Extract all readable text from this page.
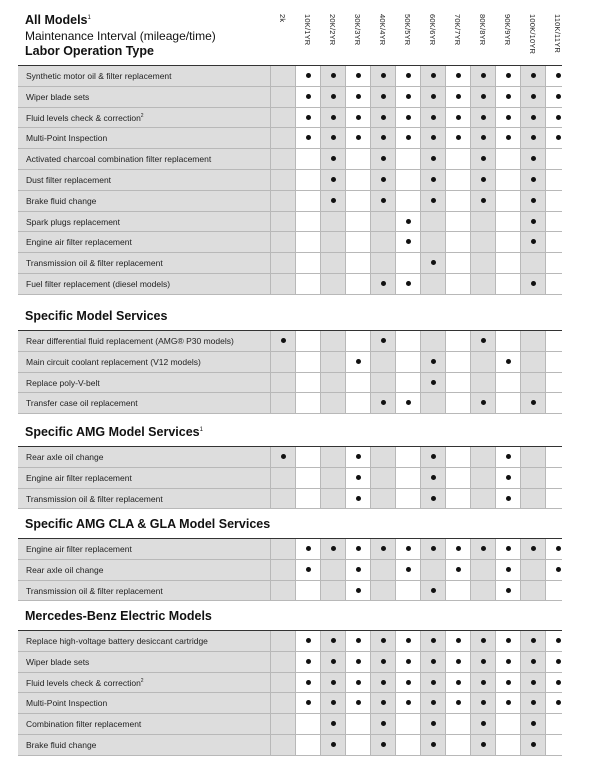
All Models$^1$
Maintenance Interval (mileage/time)
Labor Operation Type
2k 10K/1YR 20K/2YR 30K/3YR 40K/4YR 50K/5YR 60K/6YR 70K/7YR 80K/8YR 90K/9YR 100K/10YR 110K/11YR
Synthetic motor oil & filter replacement
Wiper blade sets
Fluid levels check & correction$^2$
Multi-Point Inspection
Activated charcoal combination filter replacement
Dust filter replacement
Brake fluid change
Spark plugs replacement
Engine air filter replacement
Transmission oil & filter replacement
Fuel filter replacement (diesel models)
Specific Model Services
Rear differential fluid replacement (AMG® P30 models)
Main circuit coolant replacement (V12 models)
Replace poly-V-belt
Transfer case oil replacement
Specific AMG Model Services$^1$
Rear axle oil change
Engine air filter replacement
Transmission oil & filter replacement
Specific AMG CLA & GLA Model Services
Engine air filter replacement
Rear axle oil change
Transmission oil & filter replacement
Mercedes-Benz Electric Models
Replace high-voltage battery desiccant cartridge
Wiper blade sets
Fluid levels check & correction$^2$
Multi-Point Inspection
Combination filter replacement
Brake fluid change
